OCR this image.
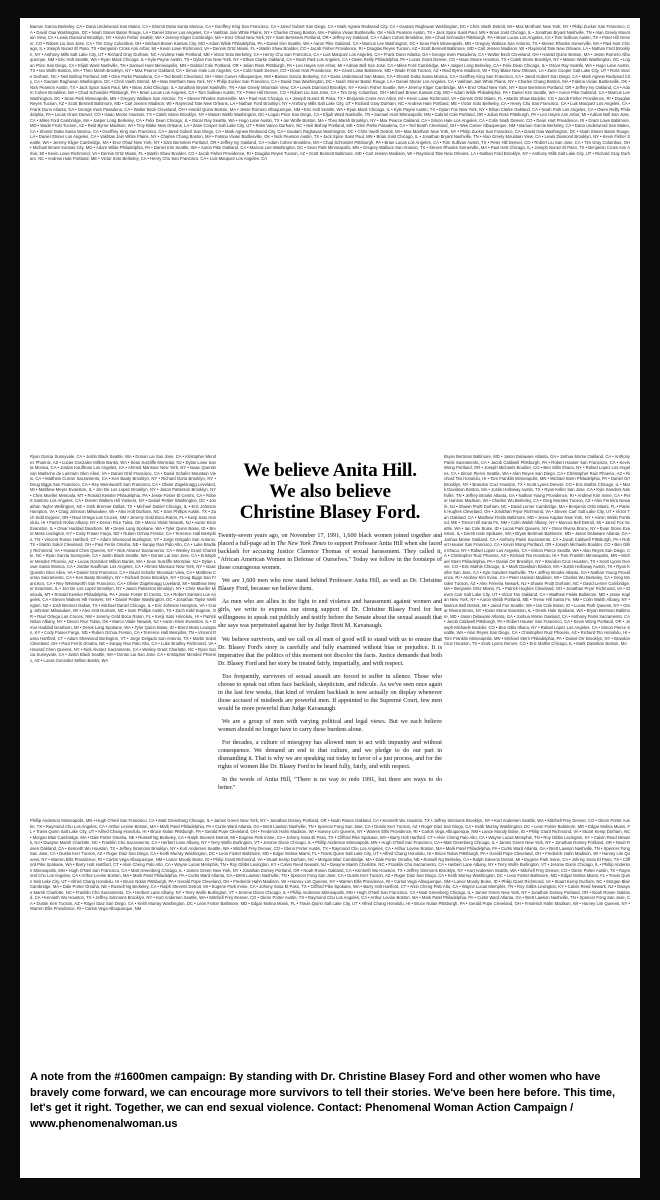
Bamun Garcia Berkeley, CA • Dana Underwood San Mateo, CA • Shomit Dutta Santa Monica, CA • Geoffrey King San Francisco, CA • Jared Gubert San Diego, CA • Mark Agnew Redwood City, CA • Gautam Raghavan Washington, DC • Chris Vaeth Detroit, MI • Max Mortham New York, NY • Philip Zucker San Francisco, CA • David Oaa Washington, DC • Noah Stoner Baton Rouge, LA • Daniel Stoner Los Angeles, CA • Vakhtan Jain White Plains, NY • Charles Chang Boston, MA • Fatima Vivian Bartlesville, OK • Nick Pearson Austin, TX • Jack Spice Saint Paul, MN • Brian Joist Chicago, IL • Jonathan Bryant Nashville, TN • Alan Greely Mountain View, CA • Lewis Diamond Brooklyn, NY • Kevin Fisher Seattle, WA • Jeremy Kliger Cambridge, MA • Erez Ohad New York, NY • Sam Bernstein Portland, OR • Jeffrey Ivy Oakland, CA • Adam Cohen Brookline, MA • Chad Schneider Pittsburgh, PA • Brian Lucas Los Angeles, CA • Tom Sullivan Austin, TX • Peter Hill Denver, CO • Robert Liu San Jose, CA • Tim Gray Columbus, OH • Michael Brown Kansas City, MO • Adam Wilde Philadelphia, PA • Daniel Kim Seattle, WA • Aaron Pike Oakland, CA • Marcus Lee Washington, DC • Sean Park Minneapolis, MN • Gregory Wallace San Antonio, TX • Steven Rhodes Somerville, MA • Paul Hart Chicago, IL • Joseph Nunez El Paso, TX • Benjamin Cross Ann Arbor, MI • Kevin Lowe Richmond, VA • Dennis Ortiz Miami, FL • Martin Shaw Boulder, CO • Jacob Fisher Providence, RI • Douglas Reyes Tucson, AZ • Scott Bennett Baltimore, MD • Carl Jensen Madison, WI • Raymond Tate New Orleans, LA • Nathan Ford Brooklyn, NY • Anthony Mills Salt Lake City, UT • Richard Gray Durham, NC • Andrew Hale Portland, ME • Victor Soto Berkeley, CA • Henry Chu San Francisco, CA • Luis Marquez Los Angeles, CA • Frank Dunn Atlanta, GA • George Irwin Pasadena, CA • Walter Beck Cleveland, OH • Harold Quinn Boston, MA • Jesse Romero Albuquerque, NM • Eric Holt Seattle, WA • Ryan Mack Chicago, IL • Kyle Payne Austin, TX • Dylan Fox New York, NY • Ethan Clarke Oakland, CA • Noah Park Los Angeles, CA • Owen Reilly Philadelphia, PA • Lucas Grant Denver, CO • Isaac Moore Houston, TX • Caleb Stone Brooklyn, NY • Mason Webb Washington, DC • Logan Price San Diego, CA • Elijah Ward Nashville, TN • Samuel Hunt Minneapolis, MN • Gabriel Cole Portland, OR • Julian Ross Pittsburgh, PA • Leo Hayes Ann Arbor, MI • Adrian Bell San Jose, CA • Miles Ford Cambridge, MA • Jasper Long Berkeley, CA • Felix Dean Chicago, IL • Oscar Ray Seattle, WA • Hugo Lane Austin, TX • Ian Wolfe Boston, MA • Theo Marsh Brooklyn, NY • Max Pearce Oakland, CA • Simon Hale Los Angeles, CA • Colin Nash Denver, CO • Dean Hart Providence, RI • Grant Lowe Baltimore, MD • Wade Frost Tucson, AZ • Reid Byrne Madison, WI • Troy Blake New Orleans, LA • Zane Cooper Salt Lake City, UT • Ross Vance Durham, NC • Neil Bishop Portland, ME • Glen Parks Pasadena, CA • Ted Booth Cleveland, OH • Wes Carver Albuquerque, NM • Bamun Garcia Berkeley, CA • Dana Underwood San Mateo, CA • Shomit Dutta Santa Monica, CA • Geoffrey King San Francisco, CA • Jared Gubert San Diego, CA • Mark Agnew Redwood City, CA • Gautam Raghavan Washington, DC • Chris Vaeth Detroit, MI • Max Mortham New York, NY • Philip Zucker San Francisco, CA • David Oaa Washington, DC • Noah Stoner Baton Rouge, LA • Daniel Stoner Los Angeles, CA • Vakhtan Jain White Plains, NY • Charles Chang Boston, MA • Fatima Vivian Bartlesville, OK • Nick Pearson Austin, TX • Jack Spice Saint Paul, MN • Brian Joist Chicago, IL • Jonathan Bryant Nashville, TN • Alan Greely Mountain View, CA • Lewis Diamond Brooklyn, NY • Kevin Fisher Seattle, WA • Jeremy Kliger Cambridge, MA • Erez Ohad New York, NY • Sam Bernstein Portland, OR • Jeffrey Ivy Oakland, CA • Adam Cohen Brookline, MA • Chad Schneider Pittsburgh, PA • Brian Lucas Los Angeles, CA • Tom Sullivan Austin, TX • Peter Hill Denver, CO • Robert Liu San Jose, CA • Tim Gray Columbus, OH • Michael Brown Kansas City, MO • Adam Wilde Philadelphia, PA • Daniel Kim Seattle, WA • Aaron Pike Oakland, CA • Marcus Lee Washington, DC • Sean Park Minneapolis, MN • Gregory Wallace San Antonio, TX • Steven Rhodes Somerville, MA • Paul Hart Chicago, IL • Joseph Nunez El Paso, TX • Benjamin Cross Ann Arbor, MI • Kevin Lowe Richmond, VA • Dennis Ortiz Miami, FL • Martin Shaw Boulder, CO • Jacob Fisher Providence, RI • Douglas Reyes Tucson, AZ • Scott Bennett Baltimore, MD • Carl Jensen Madison, WI • Raymond Tate New Orleans, LA • Nathan Ford Brooklyn, NY • Anthony Mills Salt Lake City, UT • Richard Gray Durham, NC • Andrew Hale Portland, ME • Victor Soto Berkeley, CA • Henry Chu San Francisco, CA • Luis Marquez Los Angeles, CA • Frank Dunn Atlanta, GA • George Irwin Pasadena, CA • Walter Beck Cleveland, OH • Harold Quinn Boston, MA • Jesse Romero Albuquerque, NM • Eric Holt Seattle, WA • Ryan Mack Chicago, IL • Kyle Payne Austin, TX • Dylan Fox New York, NY • Ethan Clarke Oakland, CA • Noah Park Los Angeles, CA • Owen Reilly Philadelphia, PA • Lucas Grant Denver, CO • Isaac Moore Houston, TX • Caleb Stone Brooklyn, NY • Mason Webb Washington, DC • Logan Price San Diego, CA • Elijah Ward Nashville, TN • Samuel Hunt Minneapolis, MN • Gabriel Cole Portland, OR • Julian Ross Pittsburgh, PA • Leo Hayes Ann Arbor, MI • Adrian Bell San Jose, CA • Miles Ford Cambridge, MA • Jasper Long Berkeley, CA • Felix Dean Chicago, IL • Oscar Ray Seattle, WA • Hugo Lane Austin, TX • Ian Wolfe Boston, MA • Theo Marsh Brooklyn, NY • Max Pearce Oakland, CA • Simon Hale Los Angeles, CA • Colin Nash Denver, CO • Dean Hart Providence, RI • Grant Lowe Baltimore, MD • Wade Frost Tucson, AZ • Reid Byrne Madison, WI • Troy Blake New Orleans, LA • Zane Cooper Salt Lake City, UT • Ross Vance Durham, NC • Neil Bishop Portland, ME • Glen Parks Pasadena, CA • Ted Booth Cleveland, OH • Wes Carver Albuquerque, NM • Bamun Garcia Berkeley, CA • Dana Underwood San Mateo, CA • Shomit Dutta Santa Monica, CA • Geoffrey King San Francisco, CA • Jared Gubert San Diego, CA • Mark Agnew Redwood City, CA • Gautam Raghavan Washington, DC • Chris Vaeth Detroit, MI • Max Mortham New York, NY • Philip Zucker San Francisco, CA • David Oaa Washington, DC • Noah Stoner Baton Rouge, LA • Daniel Stoner Los Angeles, CA • Vakhtan Jain White Plains, NY • Charles Chang Boston, MA • Fatima Vivian Bartlesville, OK • Nick Pearson Austin, TX • Jack Spice Saint Paul, MN • Brian Joist Chicago, IL • Jonathan Bryant Nashville, TN • Alan Greely Mountain View, CA • Lewis Diamond Brooklyn, NY • Kevin Fisher Seattle, WA • Jeremy Kliger Cambridge, MA • Erez Ohad New York, NY • Sam Bernstein Portland, OR • Jeffrey Ivy Oakland, CA • Adam Cohen Brookline, MA • Chad Schneider Pittsburgh, PA • Brian Lucas Los Angeles, CA • Tom Sullivan Austin, TX • Peter Hill Denver, CO • Robert Liu San Jose, CA • Tim Gray Columbus, OH • Michael Brown Kansas City, MO • Adam Wilde Philadelphia, PA • Daniel Kim Seattle, WA • Aaron Pike Oakland, CA • Marcus Lee Washington, DC • Sean Park Minneapolis, MN • Gregory Wallace San Antonio, TX • Steven Rhodes Somerville, MA • Paul Hart Chicago, IL • Joseph Nunez El Paso, TX • Benjamin Cross Ann Arbor, MI • Kevin Lowe Richmond, VA • Dennis Ortiz Miami, FL • Martin Shaw Boulder, CO • Jacob Fisher Providence, RI • Douglas Reyes Tucson, AZ • Scott Bennett Baltimore, MD • Carl Jensen Madison, WI • Raymond Tate New Orleans, LA • Nathan Ford Brooklyn, NY • Anthony Mills Salt Lake City, UT • Richard Gray Durham, NC • Andrew Hale Portland, ME • Victor Soto Berkeley, CA • Henry Chu San Francisco, CA • Luis Marquez Los Angeles, CA
Ryan Garcia Sunnyvale, CA • Justin Black Seattle, WA • Dorian Lai San Jose, CA • Kristopher Mendez Phoenix, AZ • Lucas Gonzalez Million Banks, WA • Sean Sutcliffe Montclair, NJ • Dylan Lowe Santa Monica, CA • Jordan Kauffman Los Angeles, CA • Ahmed Mansour New York, NY • Isaac Quentin van Marlsche de Lummen Glen Allen, VA • Daniel Oral Francisco, CA • David Schafer Mountain View, CA • Matthew Curran Sacramento, CA • Ken Baaty Brooklyn, NY • Richard Doria Brooklyn, NY • Doug Biggs San Francisco, CA • Rey Weinsworth San Francisco, CA • Olivier Zagelsnagg Loveland, MI • Matthew Meyer Evanston, IL • Jon De Los Lopez Brooklyn, NY • Jason Patterson Brooklyn, NY • Chris Mueller Missoula, MT • Ronald Kessler Philadelphia, PA • Jesse Foster El Centro, CA • Robert Santoro Los Angeles, CA • Steven Walters Hill Yonkers, NY • Daniel Pettier Washington, DC • Jonathan Taylor Wellington, NZ • Josh Brenner Dallas, TX • Michael Daniel Chicago, IL • Eric Johnson Hampton, VA • Craig Johnson Milwaukee, WI • Alex Holt Durham, NC • Sam Phillips Austin, TX • Zach Kidd Eugene, OR • Raul Ortega Las Cruces, NM • Jeremy Gold Boca Raton, FL • Kenji Sato Honolulu, HI • Patrick Nolan Albany, NY • Devon Rice Tulsa, OK • Marco Vitale Newark, NJ • Aaron Klein Evanston, IL • Omar Haddad Dearborn, MI • Derek Lang Spokane, WA • Tyler Quinn Boise, ID • Brent Moss Lexington, KY • Cody Fraser Fargo, ND • Ruben Ochoa Fresno, CA • Terrence Hall Memphis, TN • Vincent Russo Hartford, CT • Adam Sherwood Burlington, VT • Jorge Delgado San Antonio, TX • Martin Sokol Cleveland, OH • Paul Ferris Omaha, NE • Sanjay Rao Palo Alto, CA • Luke Bradley Richmond, VA • Howard Chen Queens, NY • Nick Alvarez Sacramento, CA • Wesley Grant Charlotte, NC • Ryan Garcia Sunnyvale, CA • Justin Black Seattle, WA • Dorian Lai San Jose, CA • Kristopher Mendez Phoenix, AZ • Lucas Gonzalez Million Banks, WA • Sean Sutcliffe Montclair, NJ • Dylan Lowe Santa Monica, CA • Jordan Kauffman Los Angeles, CA • Ahmed Mansour New York, NY • Isaac Quentin Glen Allen, VA • Daniel Oral Francisco, CA • David Schafer Mountain View, CA • Matthew Curran Sacramento, CA • Ken Baaty Brooklyn, NY • Richard Doria Brooklyn, NY • Doug Biggs San Francisco, CA • Rey Weinsworth San Francisco, CA • Olivier Zagelsnagg Loveland, MI • Matthew Meyer Evanston, IL • Jon De Los Lopez Brooklyn, NY • Jason Patterson Brooklyn, NY • Chris Mueller Missoula, MT • Ronald Kessler Philadelphia, PA • Jesse Foster El Centro, CA • Robert Santoro Los Angeles, CA • Steven Walters Hill Yonkers, NY • Daniel Pettier Washington, DC • Jonathan Taylor Wellington, NZ • Josh Brenner Dallas, TX • Michael Daniel Chicago, IL • Eric Johnson Hampton, VA • Craig Johnson Milwaukee, WI • Alex Holt Durham, NC • Sam Phillips Austin, TX • Zach Kidd Eugene, OR • Raul Ortega Las Cruces, NM • Jeremy Gold Boca Raton, FL • Kenji Sato Honolulu, HI • Patrick Nolan Albany, NY • Devon Rice Tulsa, OK • Marco Vitale Newark, NJ • Aaron Klein Evanston, IL • Omar Haddad Dearborn, MI • Derek Lang Spokane, WA • Tyler Quinn Boise, ID • Brent Moss Lexington, KY • Cody Fraser Fargo, ND • Ruben Ochoa Fresno, CA • Terrence Hall Memphis, TN • Vincent Russo Hartford, CT • Adam Sherwood Burlington, VT • Jorge Delgado San Antonio, TX • Martin Sokol Cleveland, OH • Paul Ferris Omaha, NE • Sanjay Rao Palo Alto, CA • Luke Bradley Richmond, VA • Howard Chen Queens, NY • Nick Alvarez Sacramento, CA • Wesley Grant Charlotte, NC • Ryan Garcia Sunnyvale, CA • Justin Black Seattle, WA • Dorian Lai San Jose, CA • Kristopher Mendez Phoenix, AZ • Lucas Gonzalez Million Banks, WA
Bryan Bertman Baltimore, MD • Jason Delaware Atlanta, GA • Joshua Morse Oakland, CA • Anthony Parisi Sacramento, CA • Jacob Caldwell Pittsburgh, PA • Robert Hauser San Francisco, CA • Kevin Wong Portland, OR • Joseph Michaels Boulder, CO • Ben Gillis Ithaca, NY • Rafael Lopez Los Angeles, CA • Simon Pierce Seattle, WA • Alan Reyes San Diego, CA • Christopher Ruiz Phoenix, AZ • Richard Tso Honolulu, HI • Tom Franklin Minneapolis, MN • Michael Stern Philadelphia, PA • Daniel Orr Brooklyn, NY • Brandon Cruz Houston, TX • Scott Lyons Denver, CO • Eric Mathis Chicago, IL • Mark Davidson Boston, MA • Justin Holloway Austin, TX • Ryan Keller San Jose, CA • Kyle Sanders Nashville, TN • Jeffrey Brooks Atlanta, GA • Nathan Young Providence, RI • Andrew Kim Irvine, CA • Peter Hanson Madison, WI • Charles Wu Berkeley, CA • Greg Morales Tucson, AZ • Alex Ferreira Newark, NJ • Shawn Pruitt Durham, NC • David Lerner Cambridge, MA • Benjamin Ortiz Miami, FL • Patrick Hughes Cleveland, OH • Jonathan Pryor Richmond, VA • Steven Carr Salt Lake City, UT • Victor Tan Oakland, CA • Matthew Fields Baltimore, MD • Jesse Kaplan New York, NY • Aaron Webb Portland, ME • Trevor Hill Santa Fe, NM • Colin Walsh Albany, NY • Marcus Bell Detroit, MI • Jared Fox Seattle, WA • Ian Cole Boise, ID • Lucas Park Queens, NY • Omar Rivera Bronx, NY • Evan Stone Evanston, IL • Derek Hale Spokane, WA • Bryan Bertman Baltimore, MD • Jason Delaware Atlanta, GA • Joshua Morse Oakland, CA • Anthony Parisi Sacramento, CA • Jacob Caldwell Pittsburgh, PA • Robert Hauser San Francisco, CA • Kevin Wong Portland, OR • Joseph Michaels Boulder, CO • Ben Gillis Ithaca, NY • Rafael Lopez Los Angeles, CA • Simon Pierce Seattle, WA • Alan Reyes San Diego, CA • Christopher Ruiz Phoenix, AZ • Richard Tso Honolulu, HI • Tom Franklin Minneapolis, MN • Michael Stern Philadelphia, PA • Daniel Orr Brooklyn, NY • Brandon Cruz Houston, TX • Scott Lyons Denver, CO • Eric Mathis Chicago, IL • Mark Davidson Boston, MA • Justin Holloway Austin, TX • Ryan Keller San Jose, CA • Kyle Sanders Nashville, TN • Jeffrey Brooks Atlanta, GA • Nathan Young Providence, RI • Andrew Kim Irvine, CA • Peter Hanson Madison, WI • Charles Wu Berkeley, CA • Greg Morales Tucson, AZ • Alex Ferreira Newark, NJ • Shawn Pruitt Durham, NC • David Lerner Cambridge, MA • Benjamin Ortiz Miami, FL • Patrick Hughes Cleveland, OH • Jonathan Pryor Richmond, VA • Steven Carr Salt Lake City, UT • Victor Tan Oakland, CA • Matthew Fields Baltimore, MD • Jesse Kaplan New York, NY • Aaron Webb Portland, ME • Trevor Hill Santa Fe, NM • Colin Walsh Albany, NY • Marcus Bell Detroit, MI • Jared Fox Seattle, WA • Ian Cole Boise, ID • Lucas Park Queens, NY • Omar Rivera Bronx, NY • Evan Stone Evanston, IL • Derek Hale Spokane, WA • Bryan Bertman Baltimore, MD • Jason Delaware Atlanta, GA • Joshua Morse Oakland, CA • Anthony Parisi Sacramento, CA • Jacob Caldwell Pittsburgh, PA • Robert Hauser San Francisco, CA • Kevin Wong Portland, OR • Joseph Michaels Boulder, CO • Ben Gillis Ithaca, NY • Rafael Lopez Los Angeles, CA • Simon Pierce Seattle, WA • Alan Reyes San Diego, CA • Christopher Ruiz Phoenix, AZ • Richard Tso Honolulu, HI • Tom Franklin Minneapolis, MN • Michael Stern Philadelphia, PA • Daniel Orr Brooklyn, NY • Brandon Cruz Houston, TX • Scott Lyons Denver, CO • Eric Mathis Chicago, IL • Mark Davidson Boston, MA

We believe Anita Hill.

We also believe

Christine Blasey Ford.

Twenty-seven years ago, on November 17, 1991, 1,600 black women joined together and placed a full-page ad in The New York Times to support Professor Anita Hill when she faced backlash for accusing Justice Clarence Thomas of sexual harassment. They called it, "African American Women in Defense of Ourselves." Today we follow in the footsteps of those courageous women.

We are 1,600 men who now stand behind Professor Anita Hill, as well as Dr. Christine Blasey Ford, because we believe them.

As men who are allies in the fight to end violence and harassment against women and girls, we write to express our strong support of Dr. Christine Blasey Ford for her willingness to speak out publicly and testify before the Senate about the sexual assault that she says was perpetrated against her by Judge Brett M. Kavanaugh.

We believe survivors, and we call on all men of good will to stand with us to ensure that Dr. Blasey Ford's story is carefully and fully examined without bias or prejudice. It is imperative that the politics of this moment not discolor the facts. Justice demands that both Dr. Blasey Ford and her story be treated fairly, impartially, and with respect.

Too frequently, survivors of sexual assault are forced to suffer in silence. Those who choose to speak out often face backlash, skepticism, and ridicule. As we've seen once again in the last few weeks, that kind of virulent backlash is now actually on display whenever those accused of misdeeds are powerful men. If appointed to the Supreme Court, few men would be more powerful than Judge Kavanaugh.

We are a group of men with varying political and legal views. But we each believe women should no longer have to carry these burdens alone.

For decades, a culture of misogyny has allowed men to act with impunity and without consequence. We demand an end to that culture, and we pledge to do our part in dismantling it. That is why we are speaking out today in favor of a just process, and for the rights of women like Dr. Blasey Ford to be heard fully, fairly, and with respect.

In the words of Anita Hill, "There is no way to redo 1991, but there are ways to do better."

Phillip Anderson Minneapolis, MN • Hugh O'Neil San Francisco, CA • Matt Greenberg Chicago, IL • James Green New York, NY • Jonathan Dorsey Portland, OR • Noah Rosen Oakland, CA • Kenneth Wu Houston, TX • Jeffrey Simmons Brooklyn, NY • Kurt Andersen Seattle, WA • Mitchell Frey Denver, CO • Glenn Porter Austin, TX • Raymond Chu Los Angeles, CA • Arthur Levine Boston, MA • Mark Patel Philadelphia, PA • Curtis Ward Atlanta, GA • Brett Lawson Nashville, TN • Spencer Fong San Jose, CA • Dustin Kerr Tucson, AZ • Roger Diaz San Diego, CA • Keith Murray Washington, DC • Leon Foster Baltimore, MD • Edgar Molina Miami, FL • Travis Quinn Salt Lake City, UT • Alfred Chang Honolulu, HI • Bruce Nolan Pittsburgh, PA • Gerald Pope Cleveland, OH • Frederick Hahn Madison, WI • Harvey Lim Queens, NY • Warren Ellis Providence, RI • Carlos Vega Albuquerque, NM • Lance Moody Boise, ID • Philip Grant Richmond, VA • Stuart Kemp Durham, NC • Morgan Blair Cambridge, MA • Dale Porter Omaha, NE • Russell Ng Berkeley, CA • Ralph Stevens Detroit, MI • Eugene Park Irvine, CA • Johnny Sosa El Paso, TX • Clifford Pike Spokane, WA • Barry Holt Hartford, CT • Alvin Cheng Palo Alto, CA • Wayne Lucas Memphis, TN • Roy Gibbs Lexington, KY • Calvin Reed Newark, NJ • Dwayne Marsh Charlotte, NC • Franklin Cho Sacramento, CA • Herbert Lane Albany, NY • Terry Wolfe Burlington, VT • Jerome Dixon Chicago, IL • Phillip Anderson Minneapolis, MN • Hugh O'Neil San Francisco, CA • Matt Greenberg Chicago, IL • James Green New York, NY • Jonathan Dorsey Portland, OR • Noah Rosen Oakland, CA • Kenneth Wu Houston, TX • Jeffrey Simmons Brooklyn, NY • Kurt Andersen Seattle, WA • Mitchell Frey Denver, CO • Glenn Porter Austin, TX • Raymond Chu Los Angeles, CA • Arthur Levine Boston, MA • Mark Patel Philadelphia, PA • Curtis Ward Atlanta, GA • Brett Lawson Nashville, TN • Spencer Fong San Jose, CA • Dustin Kerr Tucson, AZ • Roger Diaz San Diego, CA • Keith Murray Washington, DC • Leon Foster Baltimore, MD • Edgar Molina Miami, FL • Travis Quinn Salt Lake City, UT • Alfred Chang Honolulu, HI • Bruce Nolan Pittsburgh, PA • Gerald Pope Cleveland, OH • Frederick Hahn Madison, WI • Harvey Lim Queens, NY • Warren Ellis Providence, RI • Carlos Vega Albuquerque, NM • Lance Moody Boise, ID • Philip Grant Richmond, VA • Stuart Kemp Durham, NC • Morgan Blair Cambridge, MA • Dale Porter Omaha, NE • Russell Ng Berkeley, CA • Ralph Stevens Detroit, MI • Eugene Park Irvine, CA • Johnny Sosa El Paso, TX • Clifford Pike Spokane, WA • Barry Holt Hartford, CT • Alvin Cheng Palo Alto, CA • Wayne Lucas Memphis, TN • Roy Gibbs Lexington, KY • Calvin Reed Newark, NJ • Dwayne Marsh Charlotte, NC • Franklin Cho Sacramento, CA • Herbert Lane Albany, NY • Terry Wolfe Burlington, VT • Jerome Dixon Chicago, IL • Phillip Anderson Minneapolis, MN • Hugh O'Neil San Francisco, CA • Matt Greenberg Chicago, IL • James Green New York, NY • Jonathan Dorsey Portland, OR • Noah Rosen Oakland, CA • Kenneth Wu Houston, TX • Jeffrey Simmons Brooklyn, NY • Kurt Andersen Seattle, WA • Mitchell Frey Denver, CO • Glenn Porter Austin, TX • Raymond Chu Los Angeles, CA • Arthur Levine Boston, MA • Mark Patel Philadelphia, PA • Curtis Ward Atlanta, GA • Brett Lawson Nashville, TN • Spencer Fong San Jose, CA • Dustin Kerr Tucson, AZ • Roger Diaz San Diego, CA • Keith Murray Washington, DC • Leon Foster Baltimore, MD • Edgar Molina Miami, FL • Travis Quinn Salt Lake City, UT • Alfred Chang Honolulu, HI • Bruce Nolan Pittsburgh, PA • Gerald Pope Cleveland, OH • Frederick Hahn Madison, WI • Harvey Lim Queens, NY • Warren Ellis Providence, RI • Carlos Vega Albuquerque, NM • Lance Moody Boise, ID • Philip Grant Richmond, VA • Stuart Kemp Durham, NC • Morgan Blair Cambridge, MA • Dale Porter Omaha, NE • Russell Ng Berkeley, CA • Ralph Stevens Detroit, MI • Eugene Park Irvine, CA • Johnny Sosa El Paso, TX • Clifford Pike Spokane, WA • Barry Holt Hartford, CT • Alvin Cheng Palo Alto, CA • Wayne Lucas Memphis, TN • Roy Gibbs Lexington, KY • Calvin Reed Newark, NJ • Dwayne Marsh Charlotte, NC • Franklin Cho Sacramento, CA • Herbert Lane Albany, NY • Terry Wolfe Burlington, VT • Jerome Dixon Chicago, IL • Phillip Anderson Minneapolis, MN • Hugh O'Neil San Francisco, CA • Matt Greenberg Chicago, IL • James Green New York, NY • Jonathan Dorsey Portland, OR • Noah Rosen Oakland, CA • Kenneth Wu Houston, TX • Jeffrey Simmons Brooklyn, NY • Kurt Andersen Seattle, WA • Mitchell Frey Denver, CO • Glenn Porter Austin, TX • Raymond Chu Los Angeles, CA • Arthur Levine Boston, MA • Mark Patel Philadelphia, PA • Curtis Ward Atlanta, GA • Brett Lawson Nashville, TN • Spencer Fong San Jose, CA • Dustin Kerr Tucson, AZ • Roger Diaz San Diego, CA • Keith Murray Washington, DC • Leon Foster Baltimore, MD • Edgar Molina Miami, FL • Travis Quinn Salt Lake City, UT • Alfred Chang Honolulu, HI • Bruce Nolan Pittsburgh, PA • Gerald Pope Cleveland, OH • Frederick Hahn Madison, WI • Harvey Lim Queens, NY • Warren Ellis Providence, RI • Carlos Vega Albuquerque, NM

A note from the #1600men campaign: By standing with Dr. Christine Blasey Ford and other women who have bravely come forward, we can encourage more survivors to tell their stories. We've been here before. This time, let's get it right. Together, we can end sexual violence. Contact: Phenomenal Woman Action Campaign / www.phenomenalwoman.us
